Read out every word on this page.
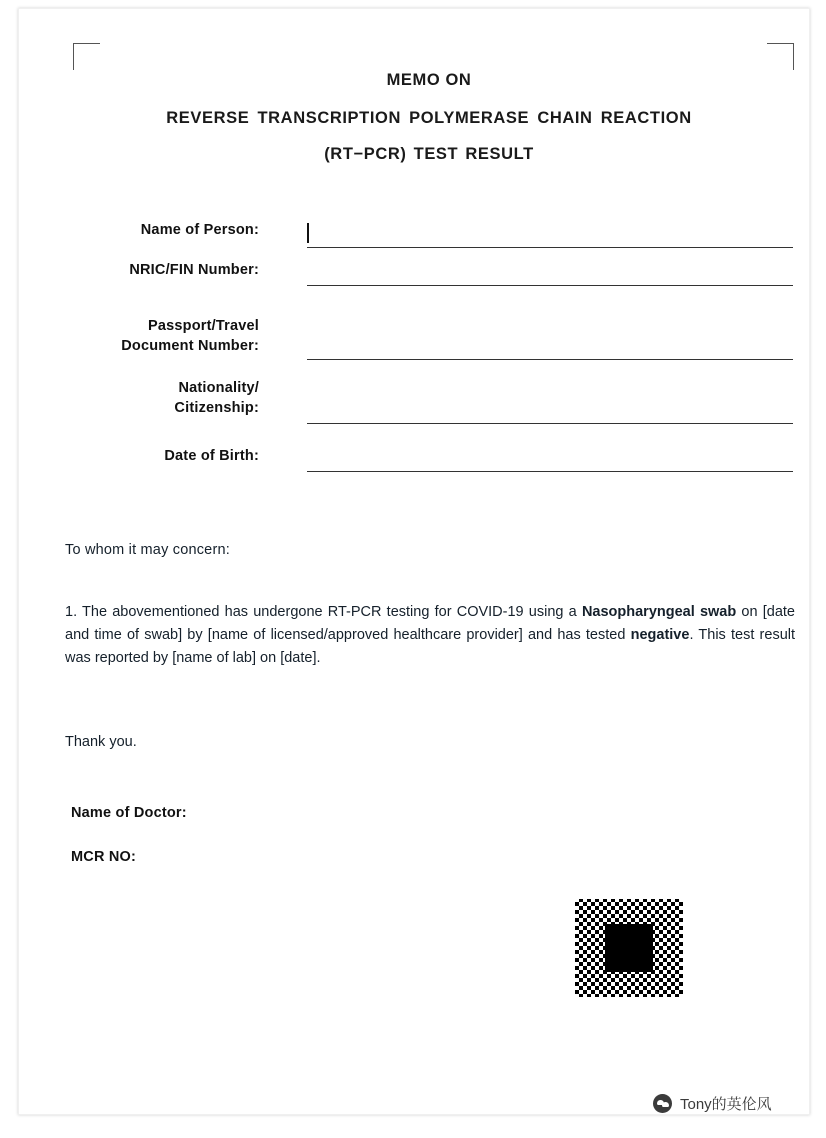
MEMO ON
REVERSE TRANSCRIPTION POLYMERASE CHAIN REACTION
(RT−PCR) TEST RESULT
Name of Person:
NRIC/FIN Number:
Passport/Travel
Document Number:
Nationality/
Citizenship:
Date of Birth:
To whom it may concern:
1. The abovementioned has undergone RT-PCR testing for COVID-19 using a Nasopharyngeal swab on [date and time of swab] by [name of licensed/approved healthcare provider] and has tested negative. This test result was reported by [name of lab] on [date].
Thank you.
Name of Doctor:
MCR NO:
Tony的英伦风
